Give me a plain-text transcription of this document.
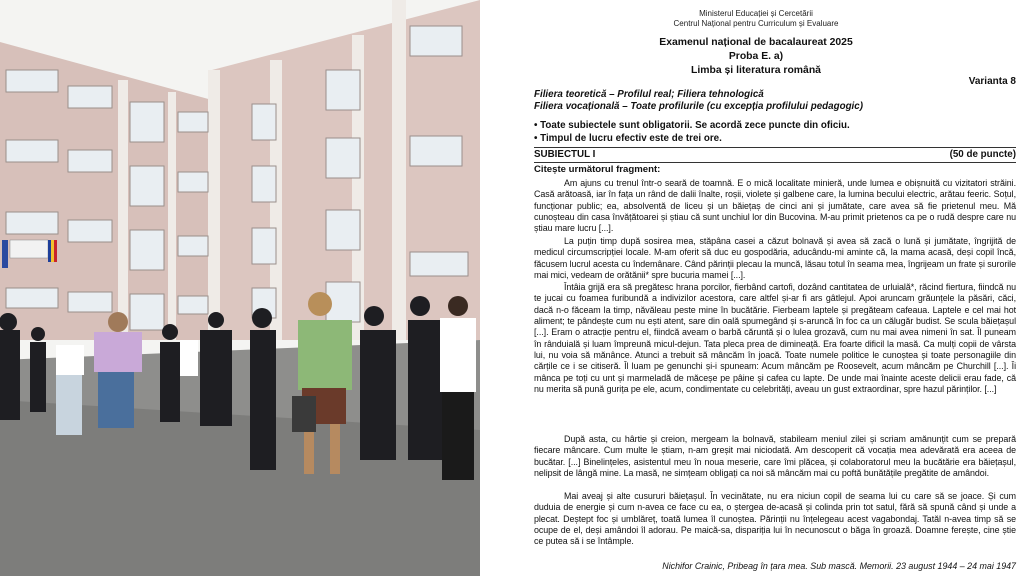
Ministerul Educației și Cercetării
Centrul Național pentru Curriculum și Evaluare
Examenul național de bacalaureat 2025
Proba E. a)
Limba și literatura română
Varianta 8
Filiera teoretică – Profilul real; Filiera tehnologică
Filiera vocațională – Toate profilurile (cu excepția profilului pedagogic)
• Toate subiectele sunt obligatorii. Se acordă zece puncte din oficiu.
• Timpul de lucru efectiv este de trei ore.
SUBIECTUL I	(50 de puncte)
Citește următorul fragment:

Am ajuns cu trenul într-o seară de toamnă. E o mică localitate minieră, unde lumea e obișnuită cu vizitatori străini. Casă arătoasă, iar în fața un rând de dalii înalte, roșii, violete și galbene care, la lumina becului electric, arătau feeric. Soțul, funcționar public; ea, absolventă de liceu și un băiețaș de cinci ani și jumătate, care avea să fie prietenul meu. Mă cunoșteau din casa învățătoarei și știau că sunt unchiul lor din Bucovina. M-au primit prietenos ca pe o rudă despre care nu știau mare lucru [...].

La puțin timp după sosirea mea, stăpâna casei a căzut bolnavă și avea să zacă o lună și jumătate, îngrijită de medicul circumscripției locale. M-am oferit să duc eu gospodăria, aducându-mi aminte că, la mama acasă, deși copil încă, făcusem lucrul acesta cu îndemânare. Când părinții plecau la muncă, lăsau totul în seama mea, îngrijeam un frate și surorile mai mici, vedeam de orătănii* spre bucuria mamei [...].

Întâia grijă era să pregătesc hrana porcilor, fierbând cartofi, dozând cantitatea de urluială*, răcind fiertura, fiindcă nu te jucai cu foamea furibundă a indivizilor acestora, care altfel și-ar fi ars gâtlejul. Apoi aruncam grăunțele la păsări, căci, dacă n-o făceam la timp, năvăleau peste mine în bucătărie. Fierbeam laptele și pregăteam cafeaua. Laptele e cel mai hot aliment; te pândește cum nu ești atent, sare din oală spumegând și s-aruncă în foc ca un călugăr budist. Se scula băiețașul [...]. Eram o atracție pentru el, fiindcă aveam o barbă căruntă și o lulea grozavă, cum nu mai avea nimeni în sat. Îl puneam în rânduială și luam împreună micul-dejun. Tata pleca prea de dimineață. Era foarte dificil la masă. Ca mulți copii de vârsta lui, nu voia să mănânce. Atunci a trebuit să mâncăm în joacă. Toate numele politice le cunoștea și toate personagiile din cărțile ce i se citiseră. Îl luam pe genunchi și-i spuneam: Acum mâncăm pe Roosevelt, acum mâncăm pe Churchill [...]. Îi mânca pe toți cu unt și marmeladă de măceșe pe pâine și cafea cu lapte. De unde mai înainte aceste delicii erau fade, că nu merita să pună gurița pe ele, acum, condimentate cu celebrități, aveau un gust extraordinar, spre hazul părinților. [...]

După asta, cu hârtie și creion, mergeam la bolnavă, stabileam meniul zilei și scriam amănunțit cum se prepară fiecare mâncare. Cum multe le știam, n-am greșit mai niciodată. Am descoperit că vocația mea adevărată era aceea de bucătar. [...] Binelințeles, asistentul meu în noua meserie, care îmi plăcea, și colaboratorul meu la bucătărie era băiețașul, nelipsit de lângă mine. La masă, ne simțeam obligați ca noi să mâncăm mai cu poftă bunătățile pregătite de amândoi.

Mai aveaj și alte cusururi băiețașul. În vecinătate, nu era niciun copil de seama lui cu care să se joace. Și cum duduia de energie și cum n-avea ce face cu ea, o ștergea de-acasă și colinda prin tot satul, fără să spună când și unde a plecat. Deștept foc și umblăreț, toată lumea îl cunoștea. Părinții nu înțelegeau acest vagabondaj. Tatăl n-avea timp să se ocupe de el, deși amândoi îl adorau. Pe maică-sa, dispariția lui în necunoscut o băga în groază. Doamne ferește, cine știe ce putea să i se întâmple.

Nichifor Crainic, Pribeag în țara mea. Sub mască. Memorii. 23 august 1944 – 24 mai 1947
